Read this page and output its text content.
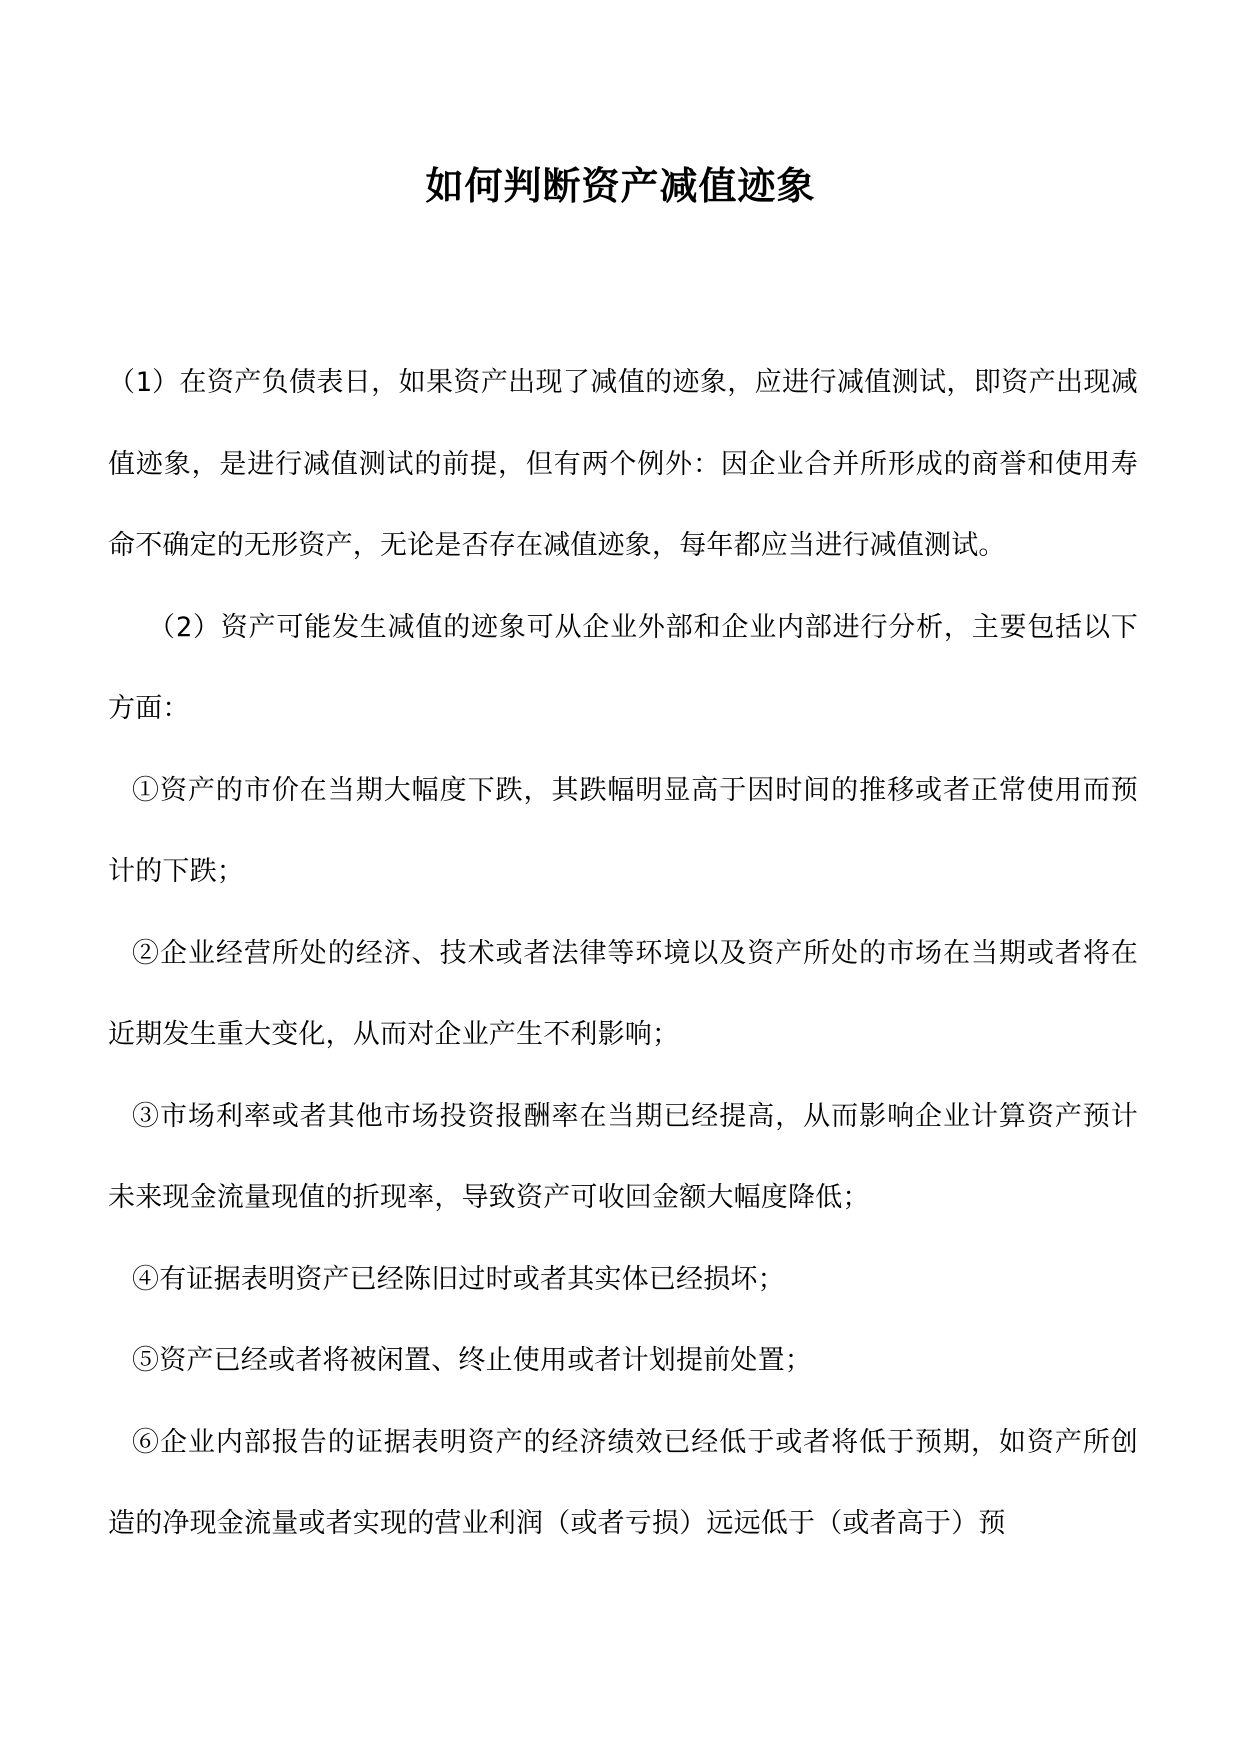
如何判断资产减值迹象

（1）在资产负债表日，如果资产出现了减值的迹象，应进行减值测试，即资产出现减值迹象，是进行减值测试的前提，但有两个例外：因企业合并所形成的商誉和使用寿命不确定的无形资产，无论是否存在减值迹象，每年都应当进行减值测试。

（2）资产可能发生减值的迹象可从企业外部和企业内部进行分析，主要包括以下方面：

①资产的市价在当期大幅度下跌，其跌幅明显高于因时间的推移或者正常使用而预计的下跌；

②企业经营所处的经济、技术或者法律等环境以及资产所处的市场在当期或者将在近期发生重大变化，从而对企业产生不利影响；

③市场利率或者其他市场投资报酬率在当期已经提高，从而影响企业计算资产预计未来现金流量现值的折现率，导致资产可收回金额大幅度降低；

④有证据表明资产已经陈旧过时或者其实体已经损坏；

⑤资产已经或者将被闲置、终止使用或者计划提前处置；

⑥企业内部报告的证据表明资产的经济绩效已经低于或者将低于预期，如资产所创造的净现金流量或者实现的营业利润（或者亏损）远远低于（或者高于）预
